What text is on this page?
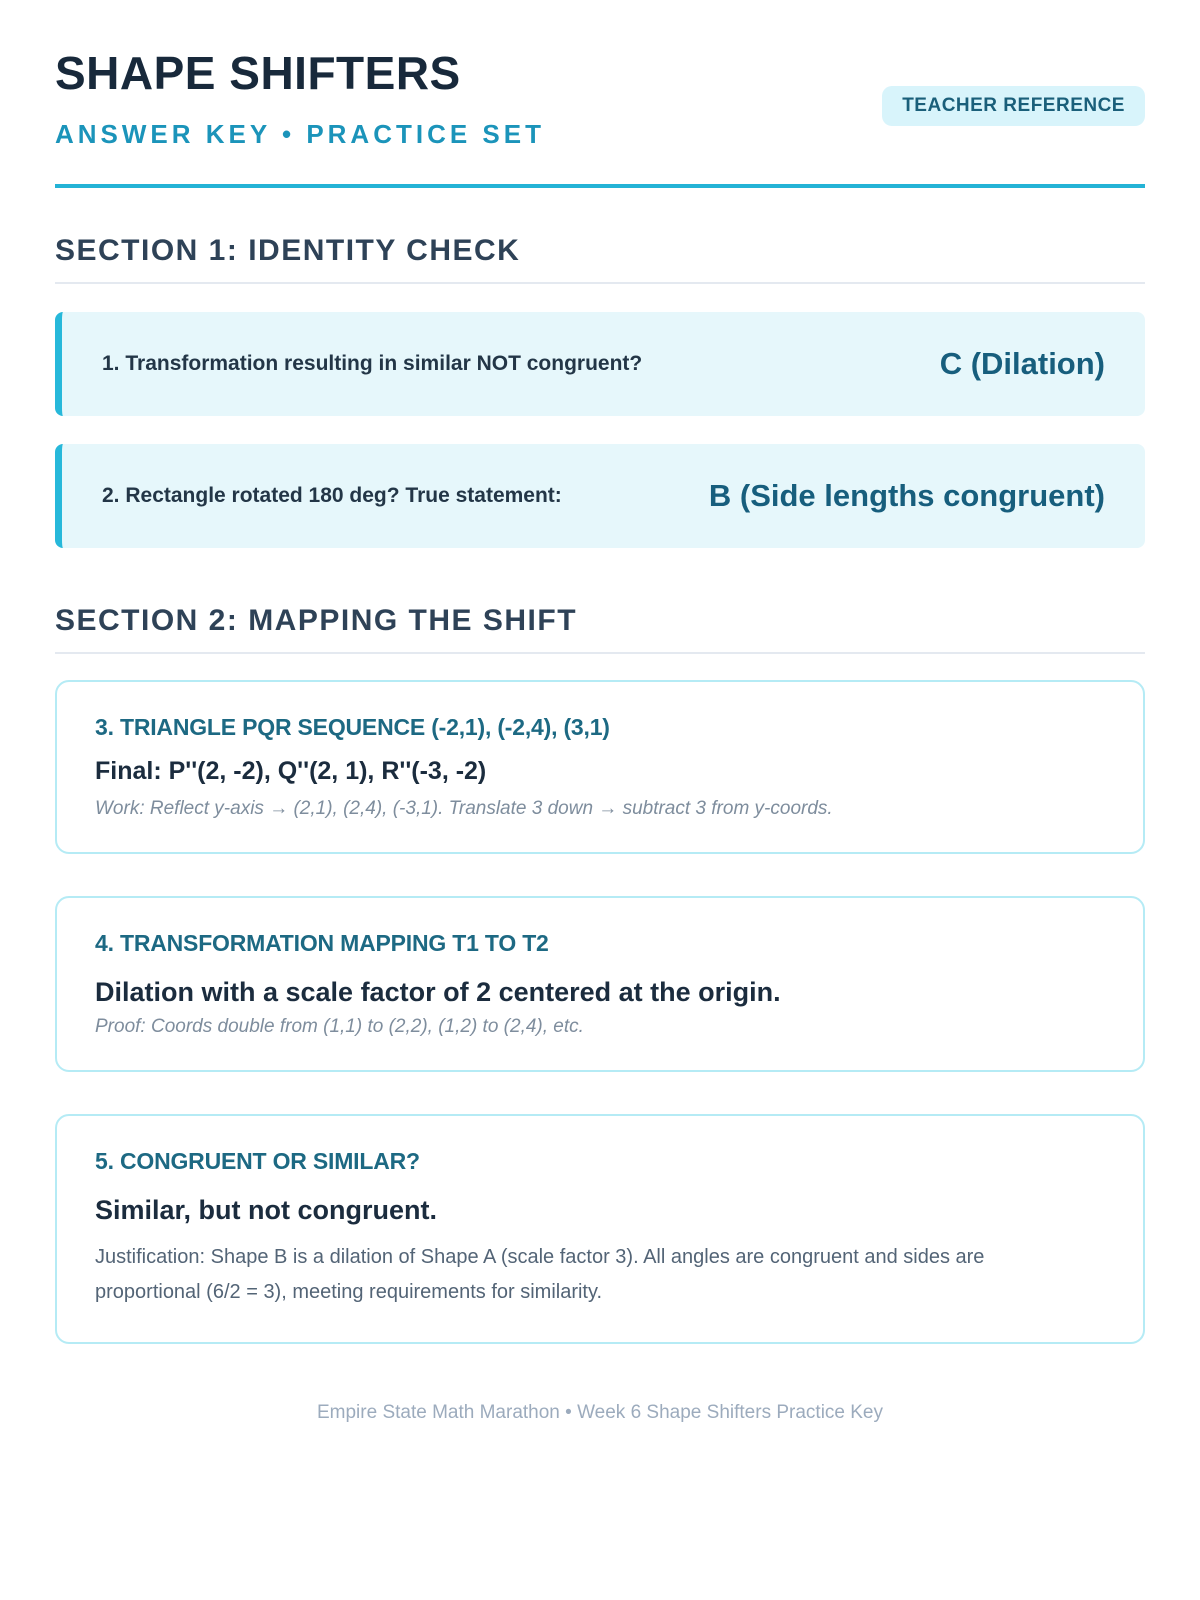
SHAPE SHIFTERS
ANSWER KEY • PRACTICE SET
TEACHER REFERENCE
SECTION 1: IDENTITY CHECK
1. Transformation resulting in similar NOT congruent?	C (Dilation)
2. Rectangle rotated 180 deg? True statement:	B (Side lengths congruent)
SECTION 2: MAPPING THE SHIFT
3. TRIANGLE PQR SEQUENCE (-2,1), (-2,4), (3,1)
Final: P''(2, -2), Q''(2, 1), R''(-3, -2)
Work: Reflect y-axis → (2,1), (2,4), (-3,1). Translate 3 down → subtract 3 from y-coords.
4. TRANSFORMATION MAPPING T1 TO T2
Dilation with a scale factor of 2 centered at the origin.
Proof: Coords double from (1,1) to (2,2), (1,2) to (2,4), etc.
5. CONGRUENT OR SIMILAR?
Similar, but not congruent.
Justification: Shape B is a dilation of Shape A (scale factor 3). All angles are congruent and sides are proportional (6/2 = 3), meeting requirements for similarity.
Empire State Math Marathon • Week 6 Shape Shifters Practice Key
